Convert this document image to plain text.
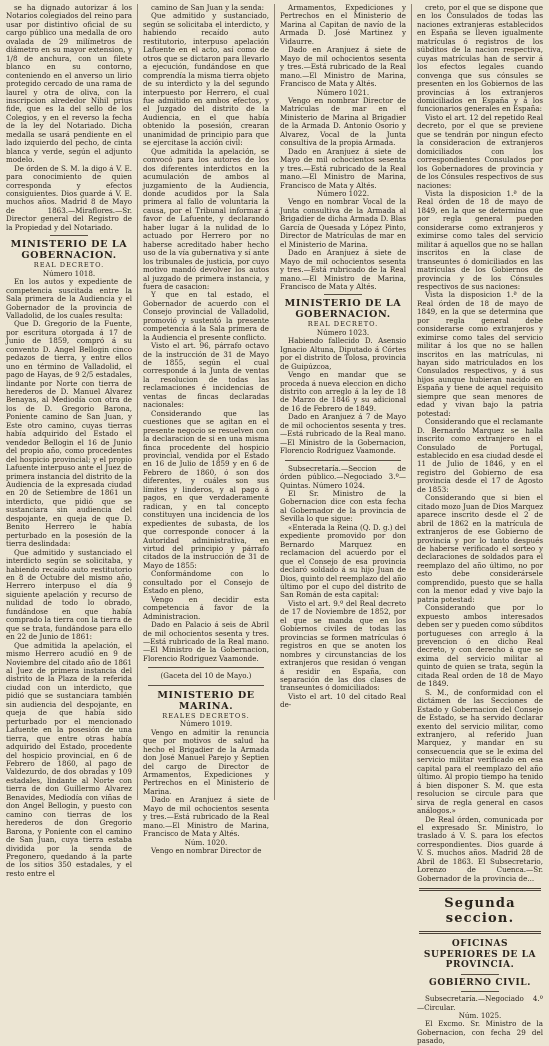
se ha dignado autorizar á los Notarios colegiados del reino para usar por distintivo oficial de su cargo público una medalla de oro ovalada de 29 milímetros de diámetro en su mayor extension, y 1/8 de anchura, con un filete blanco en su contorno, conteniendo en el anverso un lirio protegido cercado de una rama de laurel y otra de oliva, con la inscripcion alrededor Nihil prius fide, que es la del sello de los Colegios, y en el reverso la fecha de la ley del Notariado. Dicha medalla se usará pendiente en el lado izquierdo del pecho, de cinta blanca y verde, según el adjunto modelo.

De órden de S. M. la digo á V. E. para conocimiento de quien corresponda y efectos consiguientes. Dios guarde á V. E. muchos años. Madrid 8 de Mayo de 1863.—Miraflores.—Sr. Director general del Registro de la Propiedad y del Notariado.

MINISTERIO DE LA GOBERNACION.

REAL DECRETO.

Número 1018.

En los autos y expediente de competencia suscitada entre la Sala primera de la Audiencia y el Gobernador de la provincia de Valladolid, de los cuales resulta:

Que D. Gregorio de la Fuente, por escritura otorgada á 17 de Junio de 1859, compró á su convento D. Angel Bellogin cinco pedazos de tierra, y entre ellos uno en término de Valladolid, el pago de Hayas, de 9 2/5 estadales, lindante por Norte con tierra de herederos de D. Manuel Alvarez Benayas, al Mediodía con otra de los de D. Gregorio Barona, Poniente camino de San Juan, y Este otro camino, cuyas tierras había adquirido del Estado el vendedor Bellogin el 16 de Junio del propio año, como procedentes del hospicio provincial; y el propio Lafuente interpuso ante el Juez de primera instancia del distrito de la Audiencia de la expresada ciudad en 20 de Setiembre de 1861 un interdicto, que pidió que se sustanciara sin audiencia del despojante, en queja de que D. Benito Herrero le había perturbado en la posesión de la tierra deslindada:

Que admitido y sustanciado el interdicto según se solicitaba, y habiendo recaído auto restitutorio en 8 de Octubre del mismo año, Herrero interpuso el día 9 siguiente apelación y recurso de nulidad de todo lo obrado, fundándose en que había comprado la tierra con la tierra de que se trata, fundándose para ello en 22 de Junio de 1861:

Que admitida la apelación, el mismo Herrero acudió en 9 de Noviembre del citado año de 1861 al Juez de primera instancia del distrito de la Plaza de la referida ciudad con un interdicto, que pidió que se sustanciara también sin audiencia del despojante, en queja de que había sido perturbado por el mencionado Lafuente en la posesión de una tierra, que entre otras había adquirido del Estado, procedente del hospicio provincial, en 6 de Febrero de 1860, al pago de Valdezurdo, de dos obradas y 109 estadales, lindante al Norte con tierra de don Guillermo Alvarez Benavides, Mediodía con viñas de don Angel Bellogin, y puesto con camino con tierras de los herederos de don Gregorio Barona, y Poniente con el camino de San Juan, cuya tierra estaba dividida por la senda de Pregonero, quedando á la parte de los sitios 350 estadales, y el resto entre el

camino de San Juan y la senda:

Que admitido y sustanciado, según se solicitaba el interdicto, y habiendo recaído auto restitutorio, interpuso apelación Lafuente en el acto, así como de otros que se dictaron para llevarlo a ejecución, fundándose en que comprendía la misma tierra objeto de su interdicto y la del segundo interpuesto por Herrero, el cual fue admitido en ambos efectos, y el Juzgado del distrito de la Audiencia, en el que había obtenido la posesión, crearan unanimidad de principio para que se ejercitase la acción civil:

Que admitida la apelación, se convocó para los autores de los dos diferentes interdictos en la acumulación de ambos al juzgamiento de la Audiencia, donde acudidos por la Sala primera al fallo de voluntaria la causa, por el Tribunal informar á favor de Lafuente, y declarando haber lugar á la nulidad de lo actuado por Herrero por no haberse acreditado haber hecho uso de la vía gubernativa y sí ante los tribunales de justicia, por cuyo motivo mandó devolver los autos al juzgado de primera instancia, y fuera de casacion:

Y que en tal estado, el Gobernador de acuerdo con el Consejo provincial de Valladolid, promovió y sustentó la presente competencia á la Sala primera de la Audiencia el presente conflicto.

Visto el art. 96, párrafo octavo de la instrucción de 31 de Mayo de 1855, según el cual corresponde á la Junta de ventas la resolucion de todas las reclamaciones é incidencias de ventas de fincas declaradas nacionales:

Considerando que las cuestiones que se agitan en el presente negocio se resuelven con la declaracion de si en una misma finca procedente del hospicio provincial, vendida por el Estado en 16 de Julio de 1859 y en 6 de Febrero de 1860, ó son dos diferentes, y cuáles son sus límites y linderos, y al pago á pagos, en que verdaderamente radican, y en tal concepto constituyen una incidencia de los expedientes de subasta, de los que corresponde conocer á la Autoridad administrativa, en virtud del principio y párrafo citados de la instrucción de 31 de Mayo de 1855:

Conformándome con lo consultado por el Consejo de Estado en pleno,

Vengo en decidir esta competencia á favor de la Administracion.

Dado en Palacio á seis de Abril de mil ochocientos sesenta y tres.—Está rubricado de la Real mano.—El Ministro de la Gobernacion, Florencio Rodriguez Vaamonde.

(Gaceta del 10 de Mayo.)

MINISTERIO DE MARINA.

REALES DECRETOS.

Número 1019.

Vengo en admitir la renuncia que por motivos de salud ha hecho el Brigadier de la Armada don José Manuel Parejo y Septien del cargo de Director de Armamentos, Expediciones y Pertrechos en el Ministerio de Marina.

Dado en Aranjuez á siete de Mayo de mil ochocientos sesenta y tres.—Está rubricado de la Real mano.—El Ministro de Marina, Francisco de Mata y Altés.

Núm. 1020.

Vengo en nombrar Director de

Armamentos, Expediciones y Pertrechos en el Ministerio de Marina al Capitan de navío de la Armada D. José Martinez y Vidaurre.

Dado en Aranjuez á siete de Mayo de mil ochocientos sesenta y tres.—Está rubricado de la Real mano.—El Ministro de Marina, Francisco de Mata y Altés.

Número 1021.

Vengo en nombrar Director de Matrículas de mar en el Ministerio de Marina al Brigadier de la Armada D. Antonio Osorio y Alvarez, Vocal de la Junta consultiva de la propia Armada.

Dado en Aranjuez á siete de Mayo de mil ochocientos sesenta y tres.—Está rubricado de la Real mano.—El Ministro de Marina, Francisco de Mata y Altés.

Número 1022.

Vengo en nombrar Vocal de la Junta consultiva de la Armada al Brigadier de dicha Armada D. Blas García de Quesada y López Pinto, Director de Matrículas de mar en el Ministerio de Marina.

Dado en Aranjuez á siete de Mayo de mil ochocientos sesenta y tres.—Está rubricado de la Real mano.—El Ministro de Marina, Francisco de Mata y Altés.

MINISTERIO DE LA GOBERNACION.

REAL DECRETO.

Número 1023.

Habiendo fallecido D. Asensio Ignacio Altuna, Diputado á Córtes por el distrito de Tolosa, provincia de Guipúzcoa,

Vengo en mandar que se proceda á nueva eleccion en dicho distrito con arreglo á la ley de 18 de Marzo de 1846 y su adicional de 16 de Febrero de 1849.

Dado en Aranjuez á 7 de Mayo de mil ochocientos sesenta y tres.—Está rubricado de la Real mano.—El Ministro de la Gobernacion, Florencio Rodriguez Vaamonde.

Subsecretaría.—Seccion de órden público.—Negociado 3.º—Quintas. Número 1024.

El Sr. Ministro de la Gobernacion dice con esta fecha al Gobernador de la provincia de Sevilla lo que sigue:

«Enterada la Reina (Q. D. g.) del expediente promovido por don Bernardo Marquez en reclamacion del acuerdo por el que el Consejo de esa provincia declaró soldado á su hijo Juan de Dios, quinto del reemplazo del año último por el cupo del distrito de San Román de esta capital:

Visto el art. 9.º del Real decreto de 17 de Noviembre de 1852, por el que se manda que en los Gobiernos civiles de todas las provincias se formen matrículas ó registros en que se anoten los nombres y circunstancias de los extranjeros que residan ó vengan á residir en España, con separación de las dos clases de transeuntes ó domiciliados:

Visto el art. 10 del citado Real de-

creto, por el que se dispone que en los Consulados de todas las naciones extranjeras establecidos en España se lleven igualmente matrículas ó registros de los súbditos de la nacion respectiva, cuyas matrículas han de servir á los efectos legales cuando convenga que sus cónsules se presenten en los Gobiernos de las provincias á los extranjeros domiciliados en España y á los funcionarios generales en España:

Visto el art. 12 del repetido Real decreto, por el que se previene que se tendrán por ningun efecto la consideracion de extranjeros domiciliados con los correspondientes Consulados por los Gobernadores de provincia y de los Cónsules respectivos de sus naciones:

Vista la disposicion 1.ª de la Real órden de 18 de mayo de 1849, en la que se determina que por regla general pueden considerarse como extranjeros y eximirse como tales del servicio militar á aquellos que no se hallan inscritos en la clase de transeuntes ó domiciliados en las matrículas de los Gobiernos de provincia y de los Cónsules respectivos de sus naciones:

Vista la disposicion 1.ª de la Real órden de 18 de mayo de 1849, en la que se determina que por regla general debe considerarse como extranjeros y eximirse como tales del servicio militar á los que no se hallen inscritos en las matrículas, ni hayan sido matriculados en los Consulados respectivos, y á sus hijos aunque hubieran nacido en España y tiene de aquel requisito siempre que sean menores de edad y vivan bajo la patria potestad:

Considerando que el reclamante D. Bernardo Marquez se halla inscrito como extranjero en el Consulado de Portugal, establecido en esa ciudad desde el 11 de Julio de 1846, y en el registro del Gobierno de esa provincia desde el 17 de Agosto de 1853:

Considerando que si bien el citado mozo Juan de Dios Marquez aparece inscrito desde el 2 de abril de 1862 en la matrícula de extranjeros de ese Gobierno de provincia y por lo tanto después de haberse verificado el sorteo y declaraciones de soldados para el reemplazo del año último, no por esto debe considerársele comprendido, puesto que se halla con la menor edad y vive bajo la patria potestad:

Considerando que por lo expuesto ambos interesados deben ser y pueden como súbditos portugueses con arreglo á la prevencion ó en dicho Real decreto, y con derecho á que se exima del servicio militar al quinto de quien se trata, según la citada Real orden de 18 de Mayo de 1849.

S. M., de conformidad con el dictámen de las Secciones de Estado y Gobernacion del Consejo de Estado, se ha servido declarar exento del servicio militar, como extranjero, al referido Juan Marquez, y mandar en su consecuencia que se le exima del servicio militar verificado en esa capital para el reemplazo del año último. Al propio tiempo ha tenido á bien disponer S. M. que esta resolucion se circule para que sirva de regla general en casos análogos.»

De Real órden, comunicada por el expresado Sr. Ministro, lo traslado á V. S. para los efectos correspondientes. Dios guarde á V. S. muchos años. Madrid 28 de Abril de 1863. El Subsecretario, Lorenzo de Cuenca.—Sr. Gobernador de la provincia de...

Segunda seccion.

OFICINAS SUPERIORES DE LA PROVINCIA.

GOBIERNO CIVIL.

Subsecretaría.—Negociado 4.º—Circular.

Núm. 1025.

El Excmo. Sr. Ministro de la Gobernacion, con fecha 29 del pasado,
